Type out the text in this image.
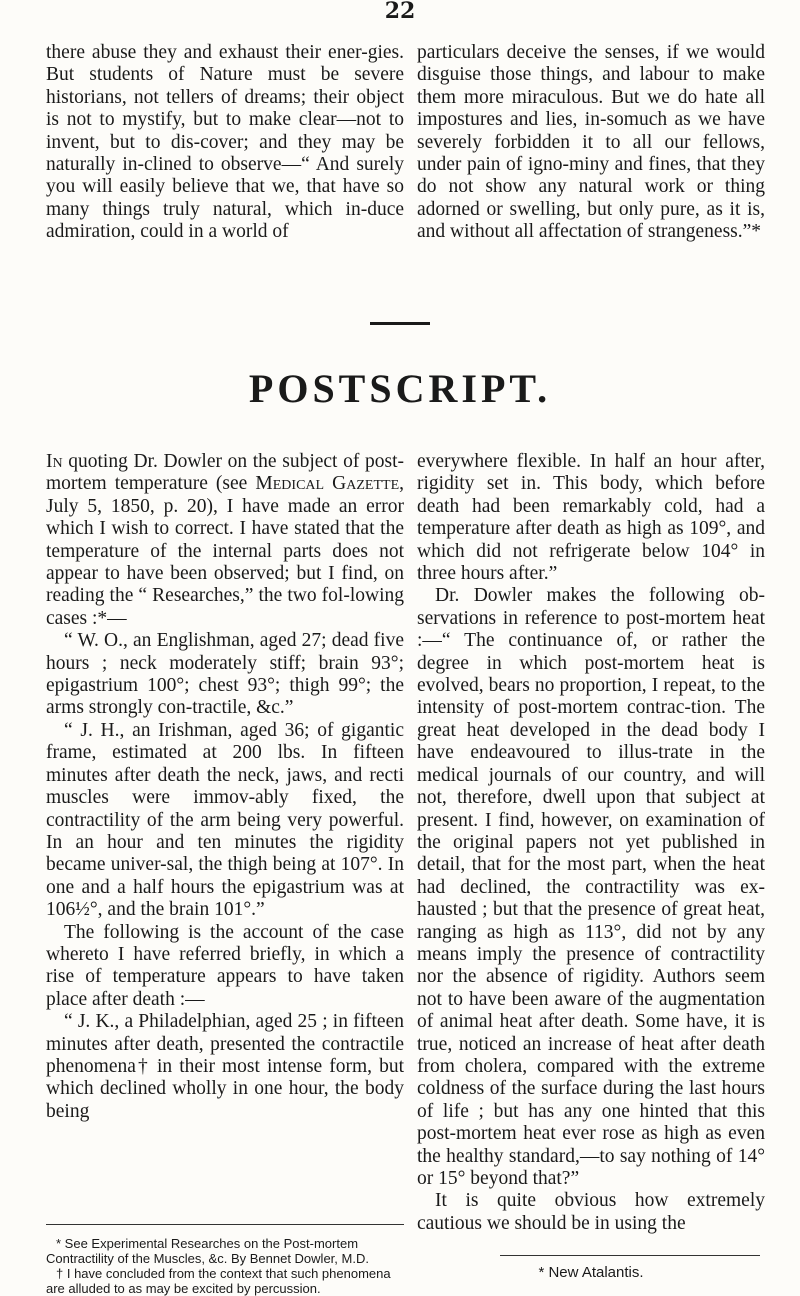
22

there abuse they and exhaust their ener-gies. But students of Nature must be severe historians, not tellers of dreams; their object is not to mystify, but to make clear—not to invent, but to dis-cover; and they may be naturally in-clined to observe—“ And surely you will easily believe that we, that have so many things truly natural, which in-duce admiration, could in a world of

particulars deceive the senses, if we would disguise those things, and labour to make them more miraculous. But we do hate all impostures and lies, in-somuch as we have severely forbidden it to all our fellows, under pain of igno-miny and fines, that they do not show any natural work or thing adorned or swelling, but only pure, as it is, and without all affectation of strangeness.”*

POSTSCRIPT.

In quoting Dr. Dowler on the subject of post-mortem temperature (see Medical Gazette, July 5, 1850, p. 20), I have made an error which I wish to correct. I have stated that the temperature of the internal parts does not appear to have been observed; but I find, on reading the “ Researches,” the two fol-lowing cases :*—

“ W. O., an Englishman, aged 27; dead five hours ; neck moderately stiff; brain 93°; epigastrium 100°; chest 93°; thigh 99°; the arms strongly con-tractile, &c.”

“ J. H., an Irishman, aged 36; of gigantic frame, estimated at 200 lbs. In fifteen minutes after death the neck, jaws, and recti muscles were immov-ably fixed, the contractility of the arm being very powerful. In an hour and ten minutes the rigidity became univer-sal, the thigh being at 107°. In one and a half hours the epigastrium was at 106½°, and the brain 101°.”

The following is the account of the case whereto I have referred briefly, in which a rise of temperature appears to have taken place after death :—

“ J. K., a Philadelphian, aged 25 ; in fifteen minutes after death, presented the contractile phenomena† in their most intense form, but which declined wholly in one hour, the body being

everywhere flexible. In half an hour after, rigidity set in. This body, which before death had been remarkably cold, had a temperature after death as high as 109°, and which did not refrigerate below 104° in three hours after.”

Dr. Dowler makes the following ob-servations in reference to post-mortem heat :—“ The continuance of, or rather the degree in which post-mortem heat is evolved, bears no proportion, I repeat, to the intensity of post-mortem contrac-tion. The great heat developed in the dead body I have endeavoured to illus-trate in the medical journals of our country, and will not, therefore, dwell upon that subject at present. I find, however, on examination of the original papers not yet published in detail, that for the most part, when the heat had declined, the contractility was ex-hausted ; but that the presence of great heat, ranging as high as 113°, did not by any means imply the presence of contractility nor the absence of rigidity. Authors seem not to have been aware of the augmentation of animal heat after death. Some have, it is true, noticed an increase of heat after death from cholera, compared with the extreme coldness of the surface during the last hours of life ; but has any one hinted that this post-mortem heat ever rose as high as even the healthy standard,—to say nothing of 14° or 15° beyond that?”

It is quite obvious how extremely cautious we should be in using the

* See Experimental Researches on the Post-mortem Contractility of the Muscles, &c. By Bennet Dowler, M.D.

† I have concluded from the context that such phenomena are alluded to as may be excited by percussion.

* New Atalantis.
